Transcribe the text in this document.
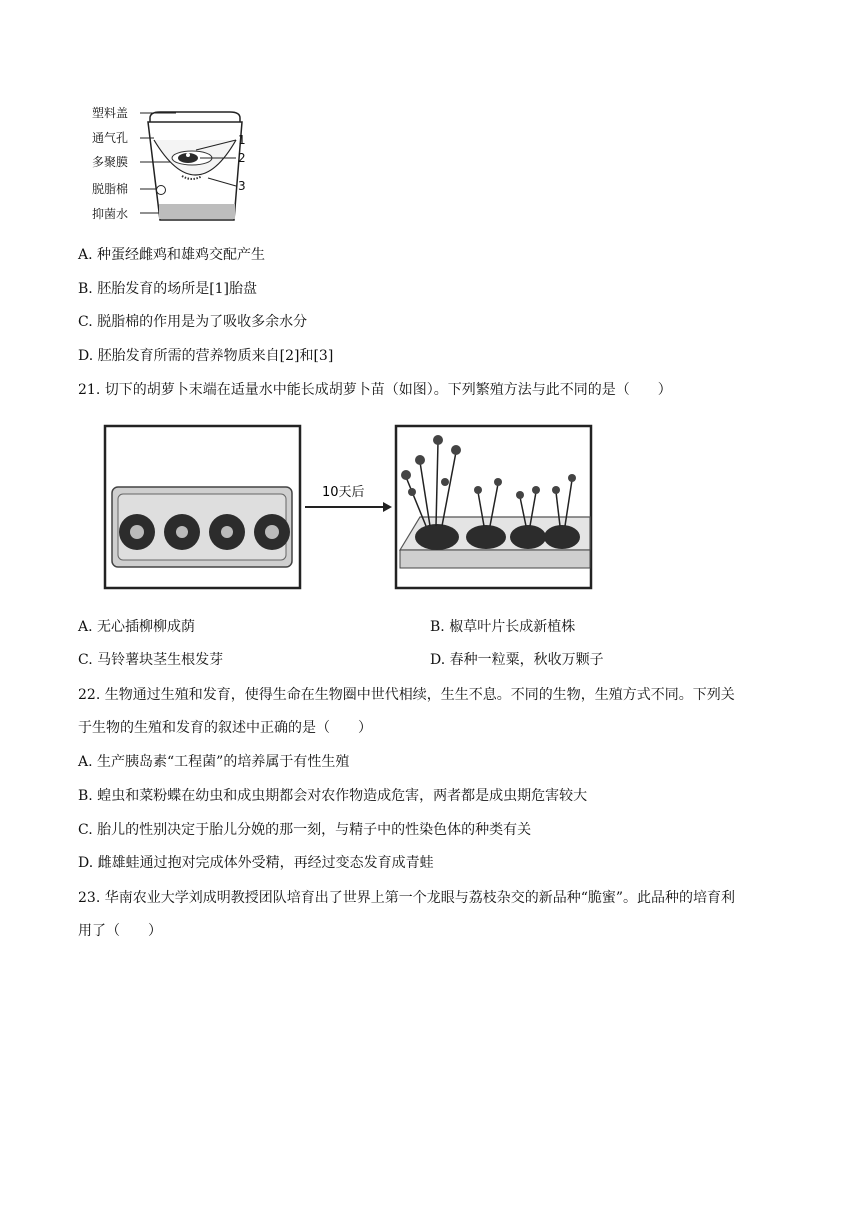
塑料盖
通气孔
多聚膜
脱脂棉
抑菌水
1
2
3
A. 种蛋经雌鸡和雄鸡交配产生
B. 胚胎发育的场所是[1]胎盘
C. 脱脂棉的作用是为了吸收多余水分
D. 胚胎发育所需的营养物质来自[2]和[3]
21. 切下的胡萝卜末端在适量水中能长成胡萝卜苗（如图）。下列繁殖方法与此不同的是（　　）
10天后
A. 无心插柳柳成荫	B. 椒草叶片长成新植株
C. 马铃薯块茎生根发芽	D. 春种一粒粟，秋收万颗子
22. 生物通过生殖和发育，使得生命在生物圈中世代相续，生生不息。不同的生物，生殖方式不同。下列关
于生物的生殖和发育的叙述中正确的是（　　）
A. 生产胰岛素“工程菌”的培养属于有性生殖
B. 蝗虫和菜粉蝶在幼虫和成虫期都会对农作物造成危害，两者都是成虫期危害较大
C. 胎儿的性别决定于胎儿分娩的那一刻，与精子中的性染色体的种类有关
D. 雌雄蛙通过抱对完成体外受精，再经过变态发育成青蛙
23. 华南农业大学刘成明教授团队培育出了世界上第一个龙眼与荔枝杂交的新品种“脆蜜”。此品种的培育利
用了（　　）
